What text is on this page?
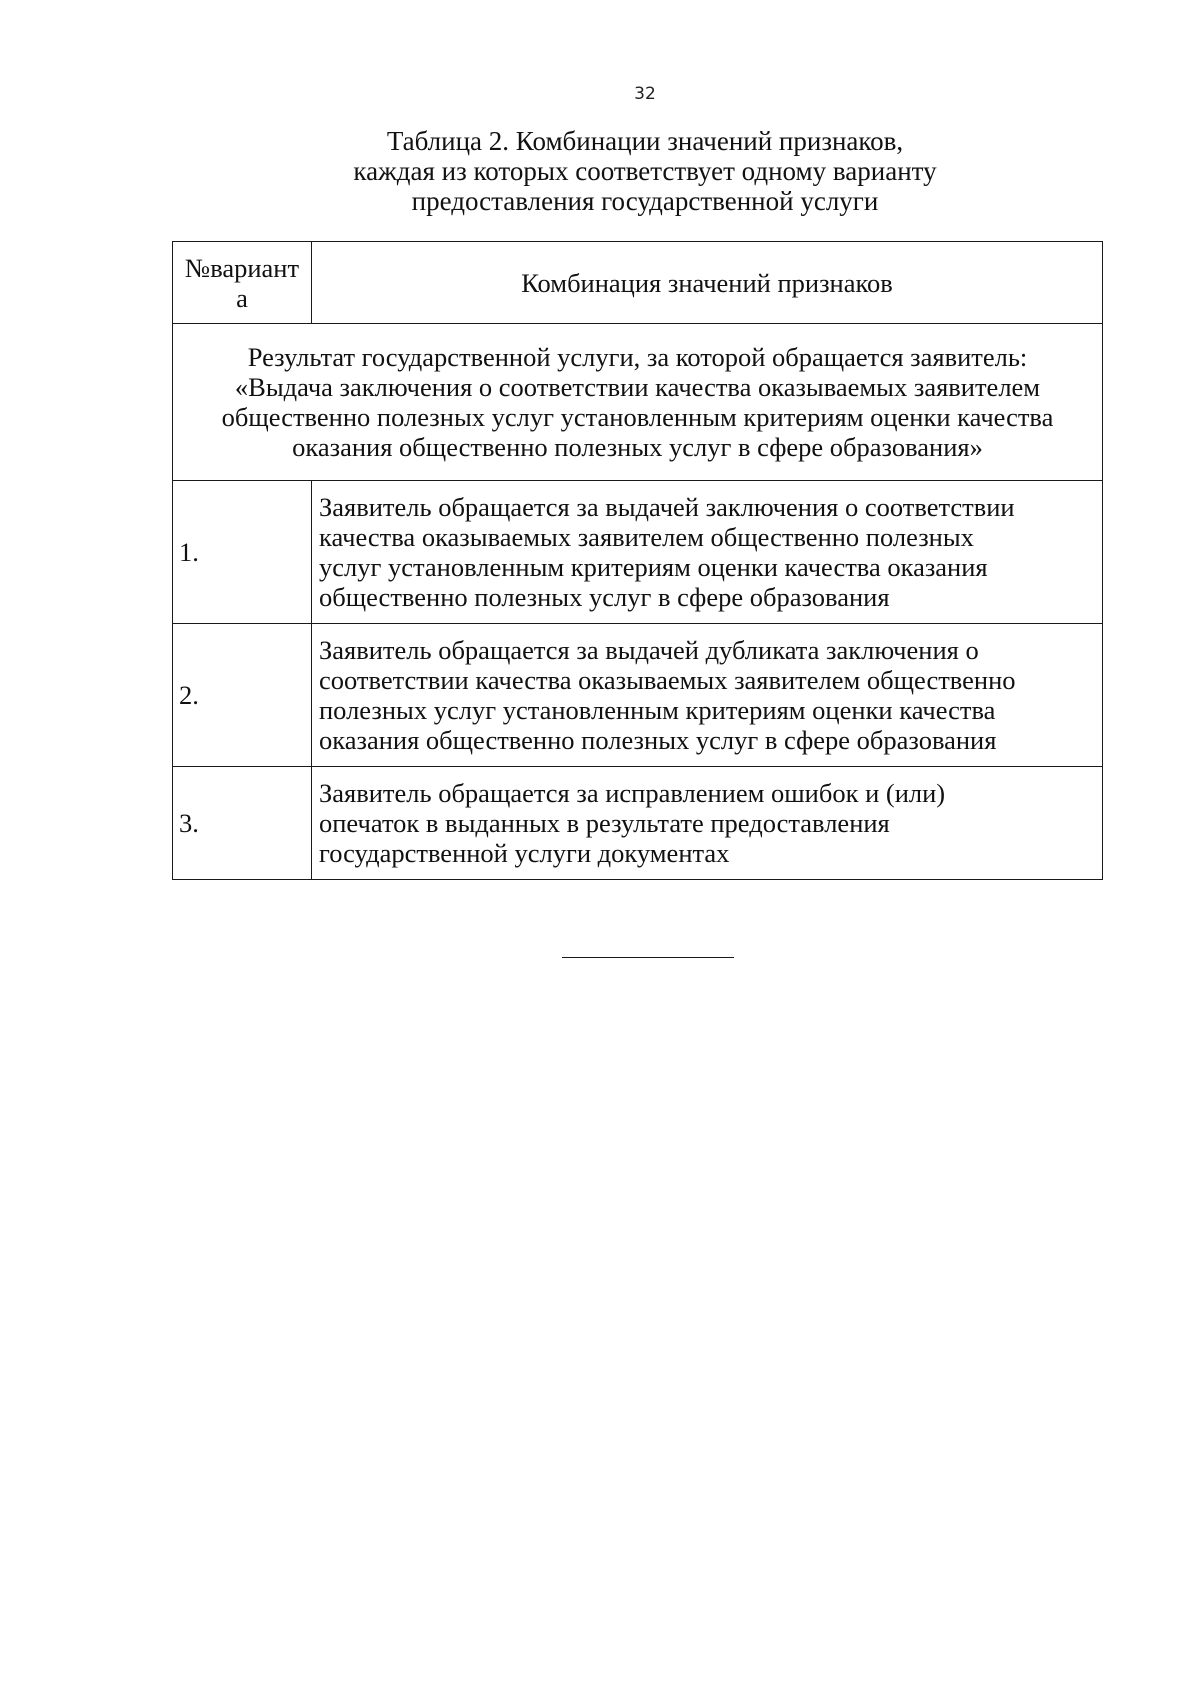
32
Таблица 2. Комбинации значений признаков,
каждая из которых соответствует одному варианту
предоставления государственной услуги
№вариант
а	Комбинация значений признаков

Результат государственной услуги, за которой обращается заявитель:
«Выдача заключения о соответствии качества оказываемых заявителем
общественно полезных услуг установленным критериям оценки качества
оказания общественно полезных услуг в сфере образования»	

1.	Заявитель обращается за выдачей заключения о соответствии
качества оказываемых заявителем общественно полезных
услуг установленным критериям оценки качества оказания
общественно полезных услуг в сфере образования

2.	Заявитель обращается за выдачей дубликата заключения о
соответствии качества оказываемых заявителем общественно
полезных услуг установленным критериям оценки качества
оказания общественно полезных услуг в сфере образования

3.	Заявитель обращается за исправлением ошибок и (или)
опечаток в выданных в результате предоставления
государственной услуги документах
